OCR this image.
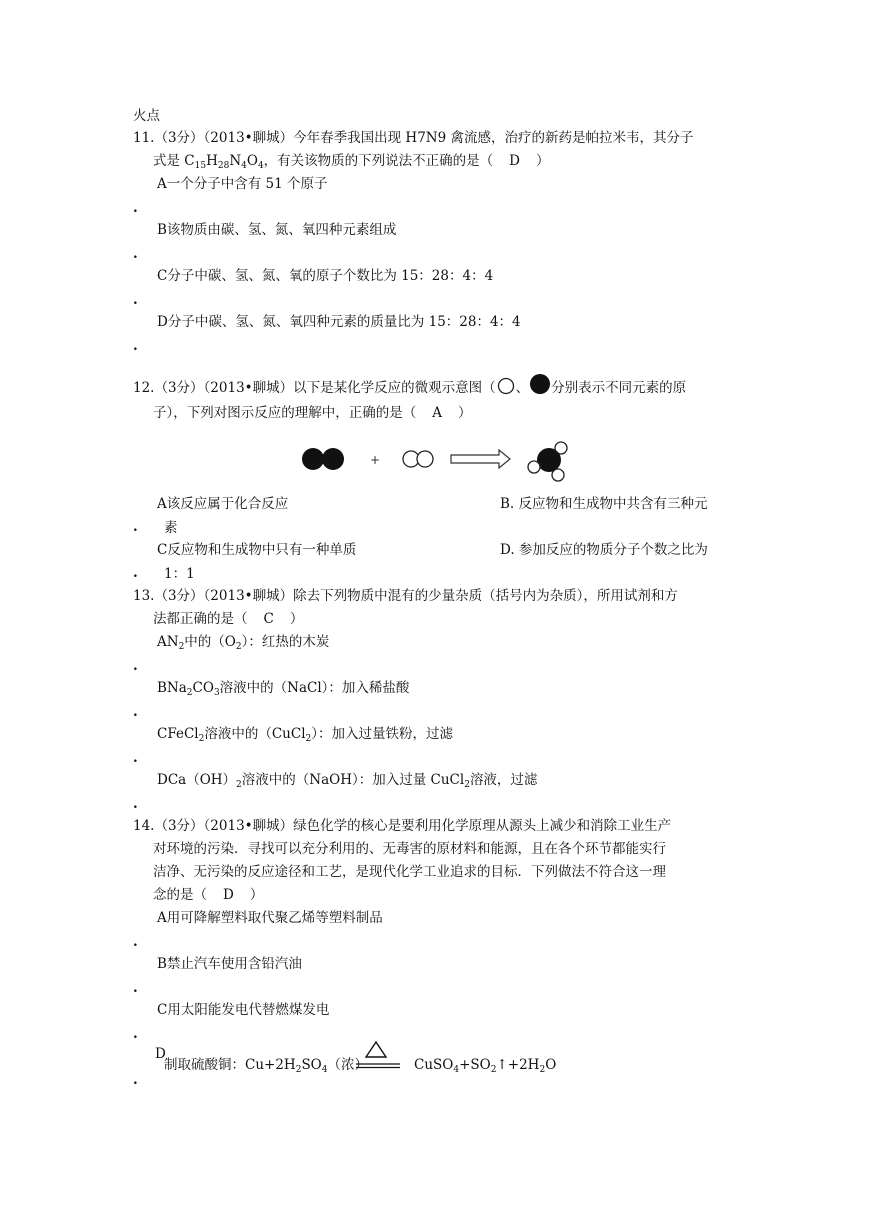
火点
11.（3分）（2013•聊城）今年春季我国出现 H7N9 禽流感，治疗的新药是帕拉米韦，其分子
式是 $C_{15}H_{28}N_4O_4$，有关该物质的下列说法不正确的是（ D ）
A一个分子中含有 51 个原子
.
B该物质由碳、氢、氮、氧四种元素组成
.
C分子中碳、氢、氮、氧的原子个数比为 15：28：4：4
.
D分子中碳、氢、氮、氧四种元素的质量比为 15：28：4：4
.
12.（3分）（2013•聊城）以下是某化学反应的微观示意图（ 、 分别表示不同元素的原
子），下列对图示反应的理解中，正确的是（ A ）
+
A该反应属于化合反应	B. 反应物和生成物中共含有三种元
. 素
C反应物和生成物中只有一种单质	D. 参加反应的物质分子个数之比为
. 1：1
13.（3分）（2013•聊城）除去下列物质中混有的少量杂质（括号内为杂质），所用试剂和方
法都正确的是（ C ）
$AN_2$中的$(O_2)$：红热的木炭
.
$BNa_2CO_3$溶液中的（NaCl）：加入稀盐酸
.
CFeCl$_2$溶液中的（CuCl$_2$）：加入过量铁粉，过滤
.
$DCa(OH)_2$溶液中的（NaOH）：加入过量 CuCl$_2$溶液，过滤
.
14.（3分）（2013•聊城）绿色化学的核心是要利用化学原理从源头上减少和消除工业生产
对环境的污染．寻找可以充分利用的、无毒害的原材料和能源，且在各个环节都能实行
洁净、无污染的反应途径和工艺，是现代化学工业追求的目标．下列做法不符合这一理
念的是（ D ）
A用可降解塑料取代聚乙烯等塑料制品
.
B禁止汽车使用含铅汽油
.
C用太阳能发电代替燃煤发电
.
D
制取硫酸铜：$Cu+2H_2SO_4$（浓）	$CuSO_4+SO_2↑+2H_2O$
.
